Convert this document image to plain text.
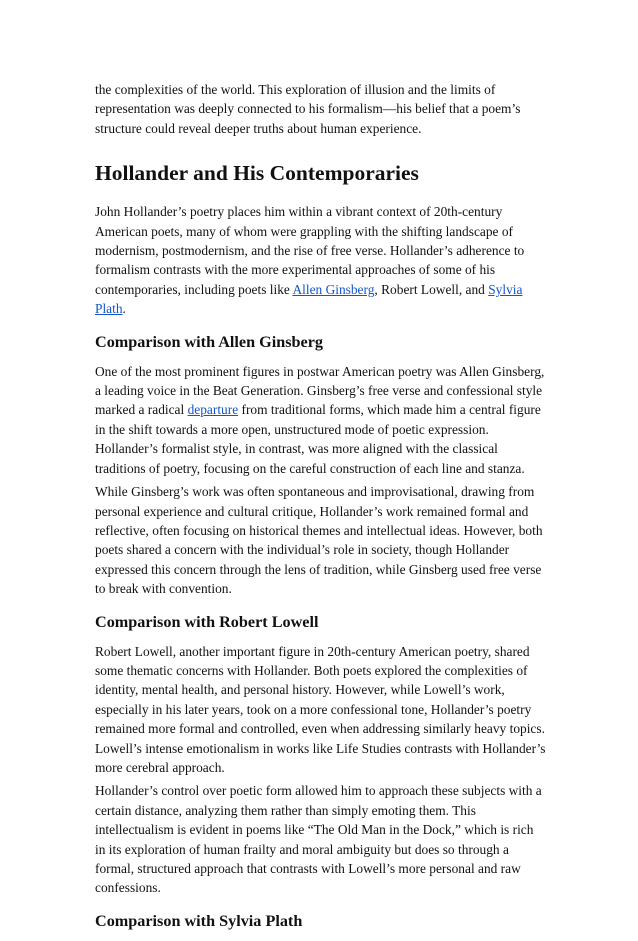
the complexities of the world. This exploration of illusion and the limits of representation was deeply connected to his formalism—his belief that a poem’s structure could reveal deeper truths about human experience.

Hollander and His Contemporaries

John Hollander’s poetry places him within a vibrant context of 20th-century American poets, many of whom were grappling with the shifting landscape of modernism, postmodernism, and the rise of free verse. Hollander’s adherence to formalism contrasts with the more experimental approaches of some of his contemporaries, including poets like Allen Ginsberg, Robert Lowell, and Sylvia Plath.

Comparison with Allen Ginsberg

One of the most prominent figures in postwar American poetry was Allen Ginsberg, a leading voice in the Beat Generation. Ginsberg’s free verse and confessional style marked a radical departure from traditional forms, which made him a central figure in the shift towards a more open, unstructured mode of poetic expression. Hollander’s formalist style, in contrast, was more aligned with the classical traditions of poetry, focusing on the careful construction of each line and stanza.

While Ginsberg’s work was often spontaneous and improvisational, drawing from personal experience and cultural critique, Hollander’s work remained formal and reflective, often focusing on historical themes and intellectual ideas. However, both poets shared a concern with the individual’s role in society, though Hollander expressed this concern through the lens of tradition, while Ginsberg used free verse to break with convention.

Comparison with Robert Lowell

Robert Lowell, another important figure in 20th-century American poetry, shared some thematic concerns with Hollander. Both poets explored the complexities of identity, mental health, and personal history. However, while Lowell’s work, especially in his later years, took on a more confessional tone, Hollander’s poetry remained more formal and controlled, even when addressing similarly heavy topics. Lowell’s intense emotionalism in works like Life Studies contrasts with Hollander’s more cerebral approach.

Hollander’s control over poetic form allowed him to approach these subjects with a certain distance, analyzing them rather than simply emoting them. This intellectualism is evident in poems like “The Old Man in the Dock,” which is rich in its exploration of human frailty and moral ambiguity but does so through a formal, structured approach that contrasts with Lowell’s more personal and raw confessions.

Comparison with Sylvia Plath
